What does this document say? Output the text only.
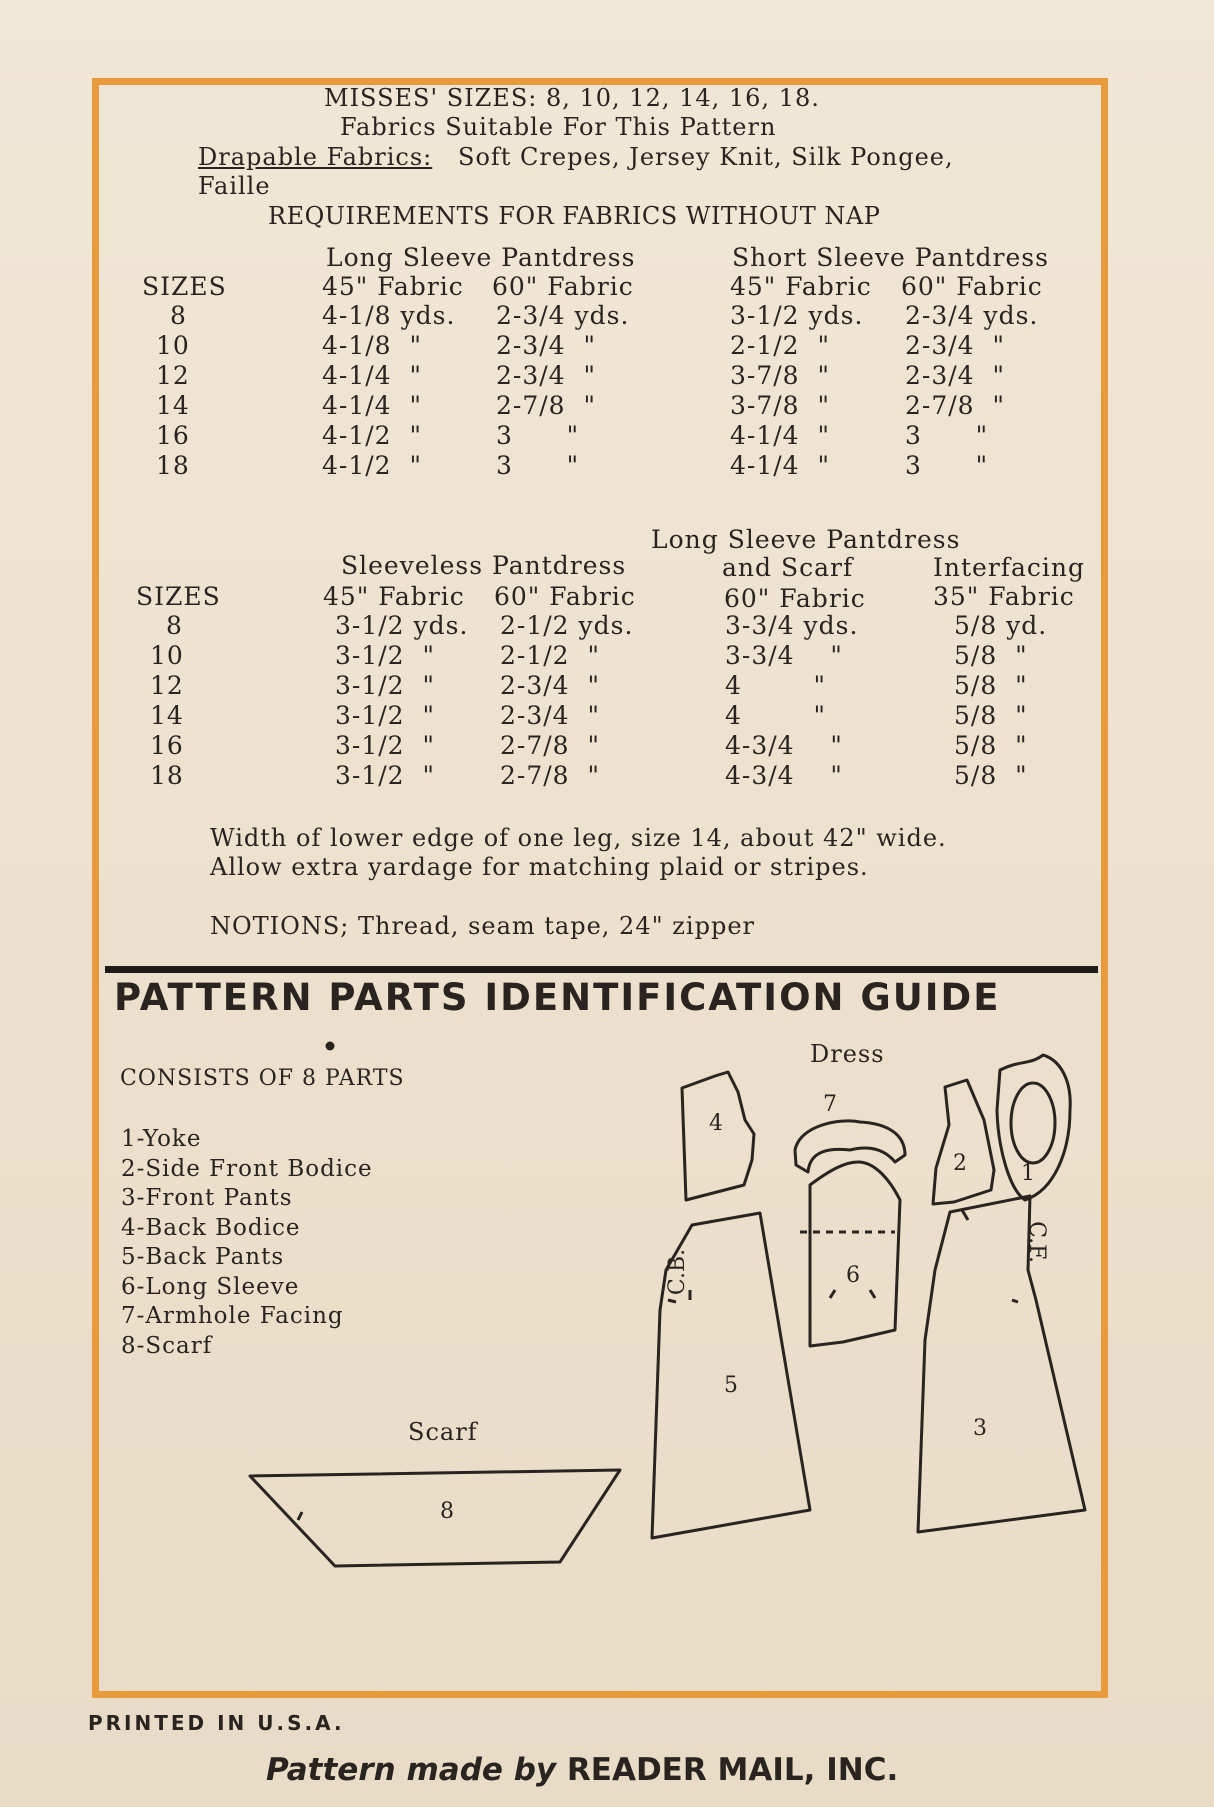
MISSES' SIZES: 8, 10, 12, 14, 16, 18.
Fabrics Suitable For This Pattern
Drapable Fabrics: Soft Crepes, Jersey Knit, Silk Pongee,
Faille
REQUIREMENTS FOR FABRICS WITHOUT NAP
Long Sleeve Pantdress	Short Sleeve Pantdress
SIZES	45" Fabric 60" Fabric	45" Fabric 60" Fabric
8	4-1/8 yds. 2-3/4 yds.	3-1/2 yds. 2-3/4 yds.
10	4-1/8  "	2-3/4  "	2-1/2  "	2-3/4  "
12	4-1/4  "	2-3/4  "	3-7/8  "	2-3/4  "
14	4-1/4  "	2-7/8  "	3-7/8  "	2-7/8  "
16	4-1/2  "	3      "	4-1/4  "	3      "
18	4-1/2  "	3      "	4-1/4  "	3      "
Long Sleeve Pantdress
Sleeveless Pantdress	and Scarf	Interfacing
SIZES	45" Fabric 60" Fabric	60" Fabric	35" Fabric
8	3-1/2 yds. 2-1/2 yds.	3-3/4 yds.	5/8 yd.
10	3-1/2  "	2-1/2  "	3-3/4    "	5/8  "
12	3-1/2  "	2-3/4  "	4        "	5/8  "
14	3-1/2  "	2-3/4  "	4        "	5/8  "
16	3-1/2  "	2-7/8  "	4-3/4    "	5/8  "
18	3-1/2  "	2-7/8  "	4-3/4    "	5/8  "
Width of lower edge of one leg, size 14, about 42" wide.
Allow extra yardage for matching plaid or stripes.
NOTIONS; Thread, seam tape, 24" zipper
PATTERN PARTS IDENTIFICATION GUIDE
CONSISTS OF 8 PARTS
1-Yoke
2-Side Front Bodice
3-Front Pants
4-Back Bodice
5-Back Pants
6-Long Sleeve
7-Armhole Facing
8-Scarf
Dress
Scarf
4
5
7
6
2 1
3
8
C.B.
C.F.
PRINTED IN U.S.A.
Pattern made by READER MAIL, INC.
